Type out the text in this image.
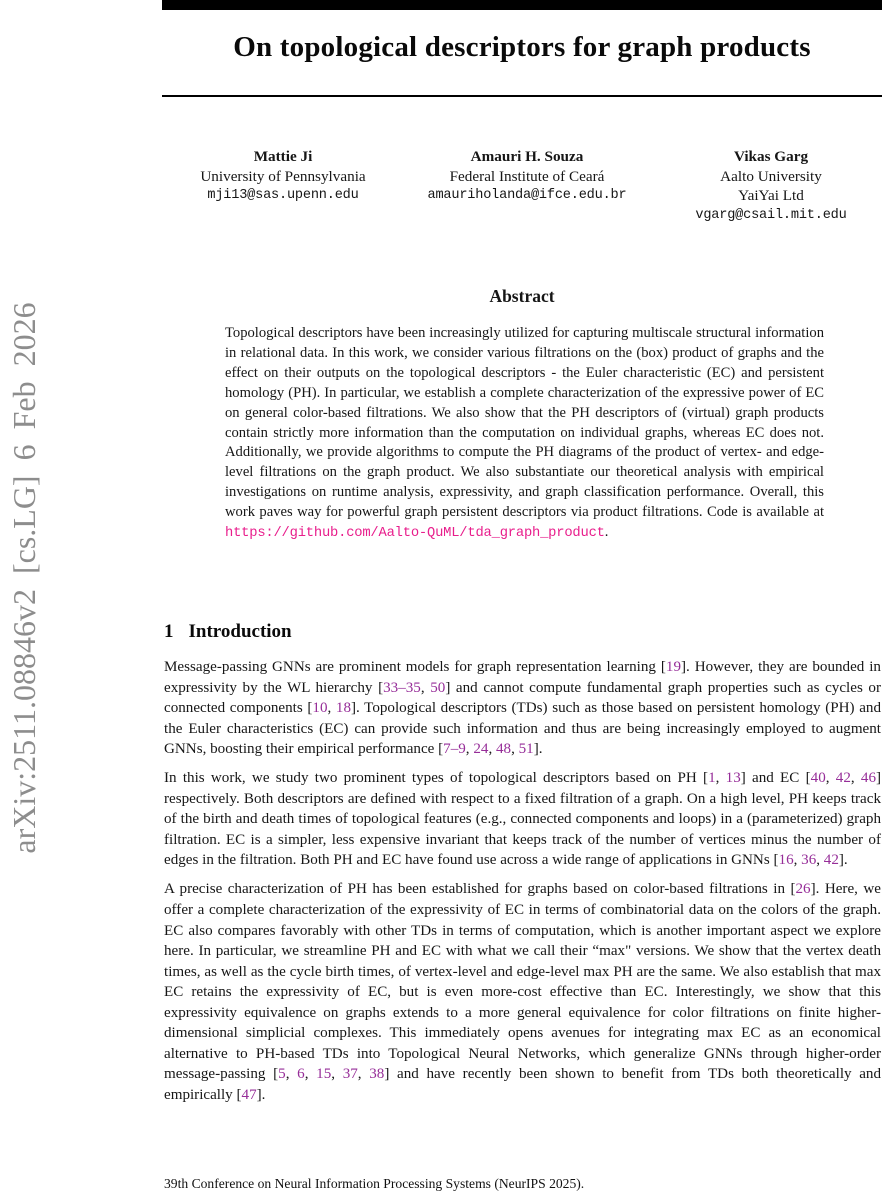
On topological descriptors for graph products
arXiv:2511.08846v2 [cs.LG] 6 Feb 2026
Mattie Ji
University of Pennsylvania
mji13@sas.upenn.edu
Amauri H. Souza
Federal Institute of Ceará
amauriholanda@ifce.edu.br
Vikas Garg
Aalto University
YaiYai Ltd
vgarg@csail.mit.edu
Abstract
Topological descriptors have been increasingly utilized for capturing multiscale structural information in relational data. In this work, we consider various filtrations on the (box) product of graphs and the effect on their outputs on the topological descriptors - the Euler characteristic (EC) and persistent homology (PH). In particular, we establish a complete characterization of the expressive power of EC on general color-based filtrations. We also show that the PH descriptors of (virtual) graph products contain strictly more information than the computation on individual graphs, whereas EC does not. Additionally, we provide algorithms to compute the PH diagrams of the product of vertex- and edge-level filtrations on the graph product. We also substantiate our theoretical analysis with empirical investigations on runtime analysis, expressivity, and graph classification performance. Overall, this work paves way for powerful graph persistent descriptors via product filtrations. Code is available at https://github.com/Aalto-QuML/tda_graph_product.
1 Introduction

Message-passing GNNs are prominent models for graph representation learning [19]. However, they are bounded in expressivity by the WL hierarchy [33–35, 50] and cannot compute fundamental graph properties such as cycles or connected components [10, 18]. Topological descriptors (TDs) such as those based on persistent homology (PH) and the Euler characteristics (EC) can provide such information and thus are being increasingly employed to augment GNNs, boosting their empirical performance [7–9, 24, 48, 51].

In this work, we study two prominent types of topological descriptors based on PH [1, 13] and EC [40, 42, 46] respectively. Both descriptors are defined with respect to a fixed filtration of a graph. On a high level, PH keeps track of the birth and death times of topological features (e.g., connected components and loops) in a (parameterized) graph filtration. EC is a simpler, less expensive invariant that keeps track of the number of vertices minus the number of edges in the filtration. Both PH and EC have found use across a wide range of applications in GNNs [16, 36, 42].

A precise characterization of PH has been established for graphs based on color-based filtrations in [26]. Here, we offer a complete characterization of the expressivity of EC in terms of combinatorial data on the colors of the graph. EC also compares favorably with other TDs in terms of computation, which is another important aspect we explore here. In particular, we streamline PH and EC with what we call their “max" versions. We show that the vertex death times, as well as the cycle birth times, of vertex-level and edge-level max PH are the same. We also establish that max EC retains the expressivity of EC, but is even more-cost effective than EC. Interestingly, we show that this expressivity equivalence on graphs extends to a more general equivalence for color filtrations on finite higher-dimensional simplicial complexes. This immediately opens avenues for integrating max EC as an economical alternative to PH-based TDs into Topological Neural Networks, which generalize GNNs through higher-order message-passing [5, 6, 15, 37, 38] and have recently been shown to benefit from TDs both theoretically and empirically [47].

39th Conference on Neural Information Processing Systems (NeurIPS 2025).
